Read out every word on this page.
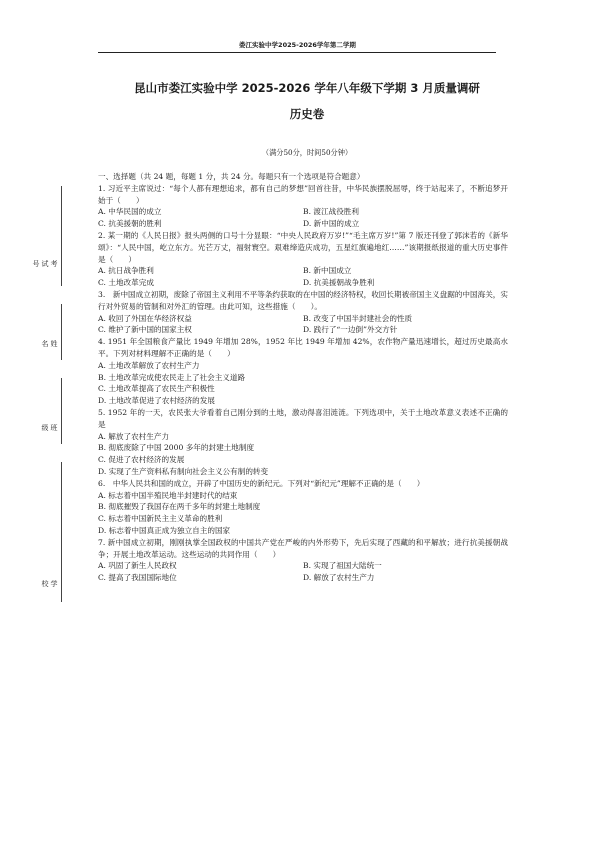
娄江实验中学2025-2026学年第二学期
考试号
姓名
班级
学校
昆山市娄江实验中学 2025-2026 学年八年级下学期 3 月质量调研
历史卷
（满分50分，时间50分钟）
一、选择题（共 24 题，每题 1 分，共 24 分。每题只有一个选项是符合题意）
1. 习近平主席说过：“每个人都有理想追求，都有自己的梦想”回首往昔，中华民族摆脱屈辱，终于站起来了，不断追梦开始于（　　）
A. 中华民国的成立	B. 渡江战役胜利
C. 抗美援朝的胜利	D. 新中国的成立
2. 某一期的《人民日报》报头两侧的口号十分显眼：“中央人民政府万岁!”“毛主席万岁!”第 7 版还刊登了郭沫若的《新华颂》：“人民中国，屹立东方。光芒万丈，福射寰空。艰难缔造庆成功，五星红旗遍地红……”该期报纸报道的重大历史事件是（　　）
A. 抗日战争胜利	B. 新中国成立
C. 土地改革完成	D. 抗美援朝战争胜利
3.　新中国成立初期，废除了帝国主义利用不平等条约获取的在中国的经济特权，收回长期被帝国主义盘踞的中国海关，实行对外贸易的管制和对外汇的管理。由此可知，这些措施（　　）。
A. 收回了外国在华经济权益	B. 改变了中国半封建社会的性质
C. 维护了新中国的国家主权	D. 践行了“一边倒”外交方针
4. 1951 年全国粮食产量比 1949 年增加 28%，1952 年比 1949 年增加 42%，农作物产量迅速增长，超过历史最高水平。下列对材料理解不正确的是（　　）
A. 土地改革解放了农村生产力
B. 土地改革完成使农民走上了社会主义道路
C. 土地改革提高了农民生产积极性
D. 土地改革促进了农村经济的发展
5. 1952 年的一天，农民张大爷看着自己刚分到的土地，激动得喜泪涟涟。下列选项中，关于土地改革意义表述不正确的是
A. 解放了农村生产力
B. 彻底废除了中国 2000 多年的封建土地制度
C. 促进了农村经济的发展
D. 实现了生产资料私有制向社会主义公有制的转变
6.　中华人民共和国的成立，开辟了中国历史的新纪元。下列对“新纪元”理解不正确的是（　　）
A. 标志着中国半殖民地半封建时代的结束
B. 彻底摧毁了我国存在两千多年的封建土地制度
C. 标志着中国新民主主义革命的胜利
D. 标志着中国真正成为独立自主的国家
7. 新中国成立初期，刚刚执掌全国政权的中国共产党在严峻的内外形势下，先后实现了西藏的和平解放；进行抗美援朝战争；开展土地改革运动。这些运动的共同作用（　　）
A. 巩固了新生人民政权	B. 实现了祖国大陆统一
C. 提高了我国国际地位	D. 解放了农村生产力
